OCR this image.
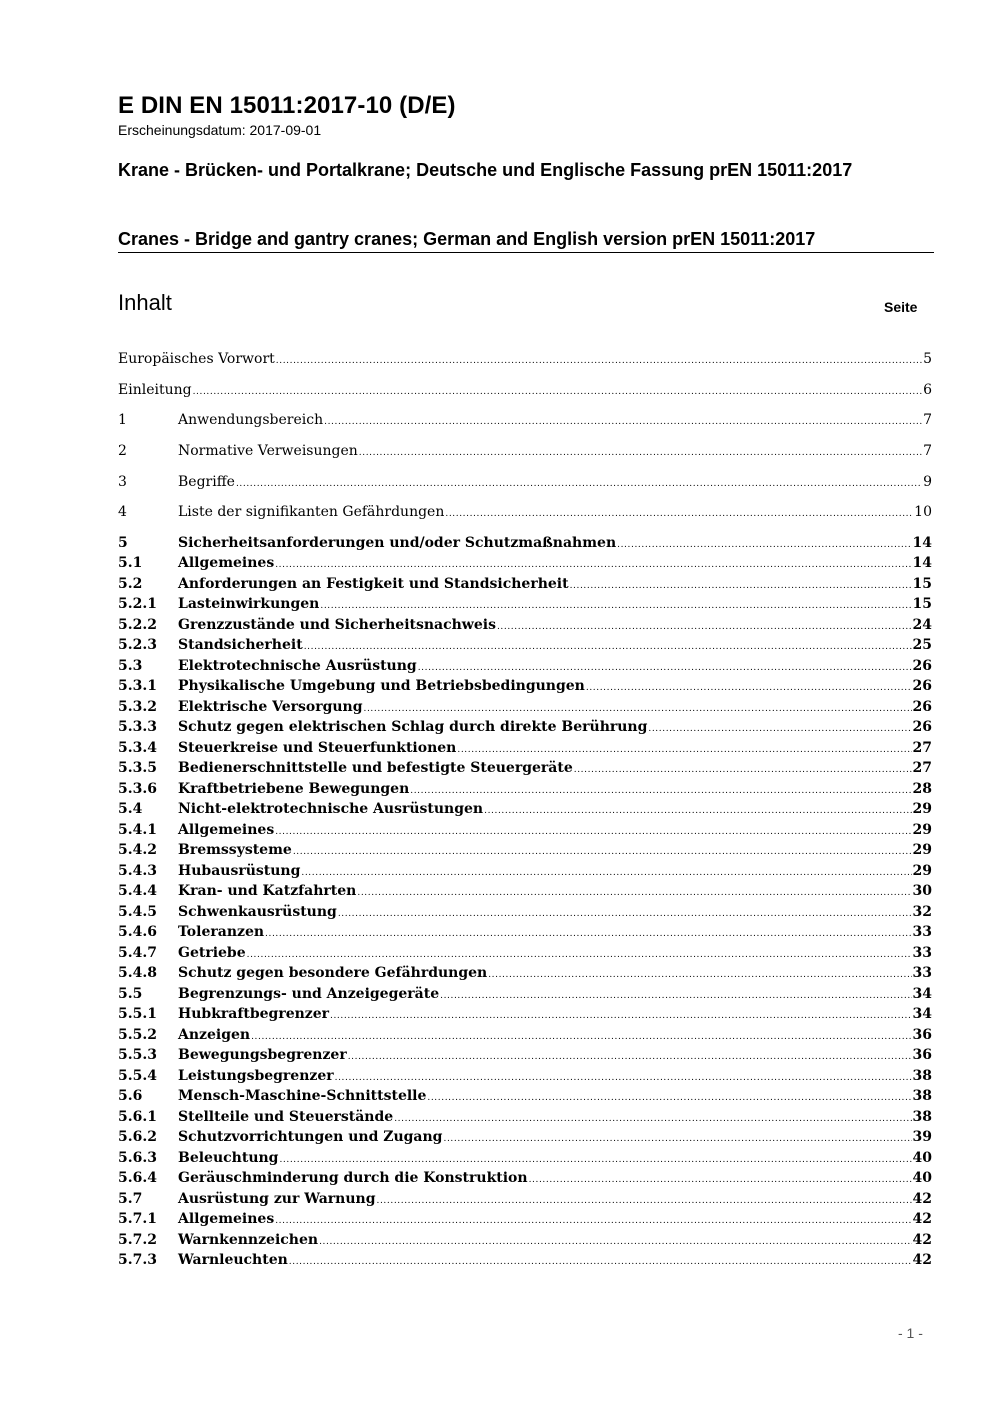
E DIN EN 15011:2017-10 (D/E)
Erscheinungsdatum: 2017-09-01
Krane - Brücken- und Portalkrane; Deutsche und Englische Fassung prEN 15011:2017
Cranes - Bridge and gantry cranes; German and English version prEN 15011:2017
Inhalt	Seite
Europäisches Vorwort .....	5
Einleitung .....	6
1	Anwendungsbereich .....	7
2	Normative Verweisungen .....	7
3	Begriffe .....	9
4	Liste der signifikanten Gefährdungen .....	10
5	Sicherheitsanforderungen und/oder Schutzmaßnahmen .....	14
5.1	Allgemeines .....	14
5.2	Anforderungen an Festigkeit und Standsicherheit .....	15
5.2.1	Lasteinwirkungen .....	15
5.2.2	Grenzzustände und Sicherheitsnachweis .....	24
5.2.3	Standsicherheit .....	25
5.3	Elektrotechnische Ausrüstung .....	26
5.3.1	Physikalische Umgebung und Betriebsbedingungen .....	26
5.3.2	Elektrische Versorgung .....	26
5.3.3	Schutz gegen elektrischen Schlag durch direkte Berührung .....	26
5.3.4	Steuerkreise und Steuerfunktionen .....	27
5.3.5	Bedienerschnittstelle und befestigte Steuergeräte .....	27
5.3.6	Kraftbetriebene Bewegungen .....	28
5.4	Nicht-elektrotechnische Ausrüstungen .....	29
5.4.1	Allgemeines .....	29
5.4.2	Bremssysteme .....	29
5.4.3	Hubausrüstung .....	29
5.4.4	Kran- und Katzfahrten .....	30
5.4.5	Schwenkausrüstung .....	32
5.4.6	Toleranzen .....	33
5.4.7	Getriebe .....	33
5.4.8	Schutz gegen besondere Gefährdungen .....	33
5.5	Begrenzungs- und Anzeigegeräte .....	34
5.5.1	Hubkraftbegrenzer .....	34
5.5.2	Anzeigen .....	36
5.5.3	Bewegungsbegrenzer .....	36
5.5.4	Leistungsbegrenzer .....	38
5.6	Mensch-Maschine-Schnittstelle .....	38
5.6.1	Stellteile und Steuerstände .....	38
5.6.2	Schutzvorrichtungen und Zugang .....	39
5.6.3	Beleuchtung .....	40
5.6.4	Geräuschminderung durch die Konstruktion .....	40
5.7	Ausrüstung zur Warnung .....	42
5.7.1	Allgemeines .....	42
5.7.2	Warnkennzeichen .....	42
5.7.3	Warnleuchten .....	42
- 1 -
